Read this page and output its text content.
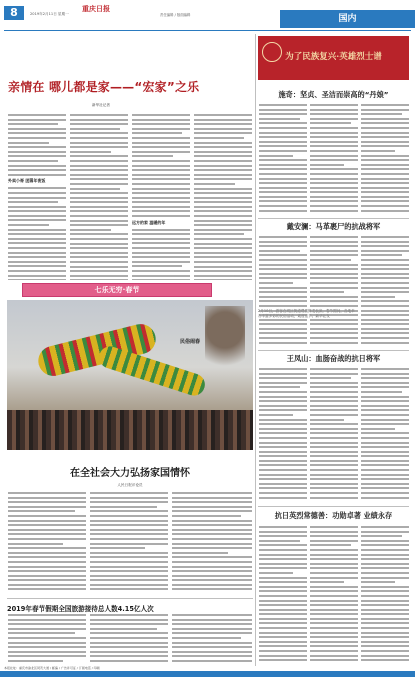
8	重庆日报
2019年2月11日 星期一	责任编辑 / 版面编辑	国内
亲情在 哪儿都是家——“宏家”之乐
新华社记者
外卖小哥 团圆年夜饭
远方的家 温暖的年
七乐无穷·春节
民俗闹春
在全社会大力弘扬家国情怀
人民日报评论员
2019年春节假期全国旅游接待总人数4.15亿人次
为了民族复兴·英雄烈士谱
施奇：坚贞、圣洁而崇高的“丹娘”
戴安澜：马革裹尸的抗战将军
王凤山：血肠奋战的抗日将军
抗日英烈常德善：功勋卓著 业绩永存
本报社址：重庆市渝北区同茂大道 / 邮编 / 广告许可证 / 订阅电话 / 印刷
